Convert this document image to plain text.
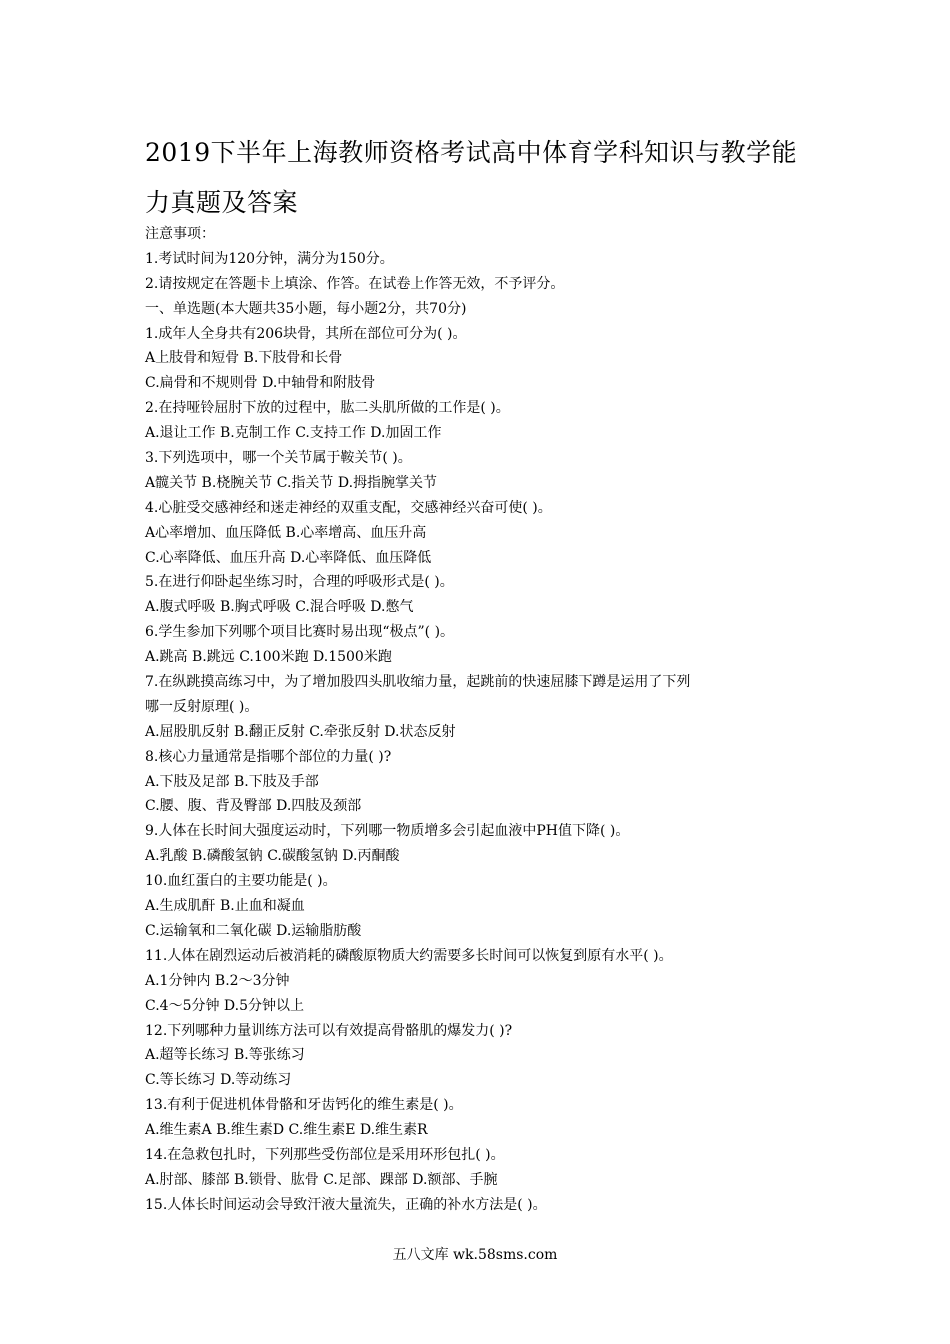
2019下半年上海教师资格考试高中体育学科知识与教学能
力真题及答案
注意事项：
1.考试时间为120分钟，满分为150分。
2.请按规定在答题卡上填涂、作答。在试卷上作答无效，不予评分。
一、单选题(本大题共35小题，每小题2分，共70分)
1.成年人全身共有206块骨，其所在部位可分为( )。
A上肢骨和短骨 B.下肢骨和长骨
C.扁骨和不规则骨 D.中轴骨和附肢骨
2.在持哑铃屈肘下放的过程中，肱二头肌所做的工作是( )。
A.退让工作 B.克制工作 C.支持工作 D.加固工作
3.下列选项中，哪一个关节属于鞍关节( )。
A髋关节 B.桡腕关节 C.指关节 D.拇指腕掌关节
4.心脏受交感神经和迷走神经的双重支配，交感神经兴奋可使( )。
A心率增加、血压降低 B.心率增高、血压升高
C.心率降低、血压升高 D.心率降低、血压降低
5.在进行仰卧起坐练习时，合理的呼吸形式是( )。
A.腹式呼吸 B.胸式呼吸 C.混合呼吸 D.憋气
6.学生参加下列哪个项目比赛时易出现“极点”( )。
A.跳高 B.跳远 C.100米跑 D.1500米跑
7.在纵跳摸高练习中，为了增加股四头肌收缩力量，起跳前的快速屈膝下蹲是运用了下列
哪一反射原理( )。
A.屈股肌反射 B.翻正反射 C.牵张反射 D.状态反射
8.核心力量通常是指哪个部位的力量( )?
A.下肢及足部 B.下肢及手部
C.腰、腹、背及臀部 D.四肢及颈部
9.人体在长时间大强度运动时，下列哪一物质增多会引起血液中PH值下降( )。
A.乳酸 B.磷酸氢钠 C.碳酸氢钠 D.丙酮酸
10.血红蛋白的主要功能是( )。
A.生成肌酐 B.止血和凝血
C.运输氧和二氧化碳 D.运输脂肪酸
11.人体在剧烈运动后被消耗的磷酸原物质大约需要多长时间可以恢复到原有水平( )。
A.1分钟内 B.2～3分钟
C.4～5分钟 D.5分钟以上
12.下列哪种力量训练方法可以有效提高骨骼肌的爆发力( )?
A.超等长练习 B.等张练习
C.等长练习 D.等动练习
13.有利于促进机体骨骼和牙齿钙化的维生素是( )。
A.维生素A B.维生素D C.维生素E D.维生素R
14.在急救包扎时，下列那些受伤部位是采用环形包扎( )。
A.肘部、膝部 B.锁骨、肱骨 C.足部、踝部 D.额部、手腕
15.人体长时间运动会导致汗液大量流失，正确的补水方法是( )。
五八文库 wk.58sms.com
